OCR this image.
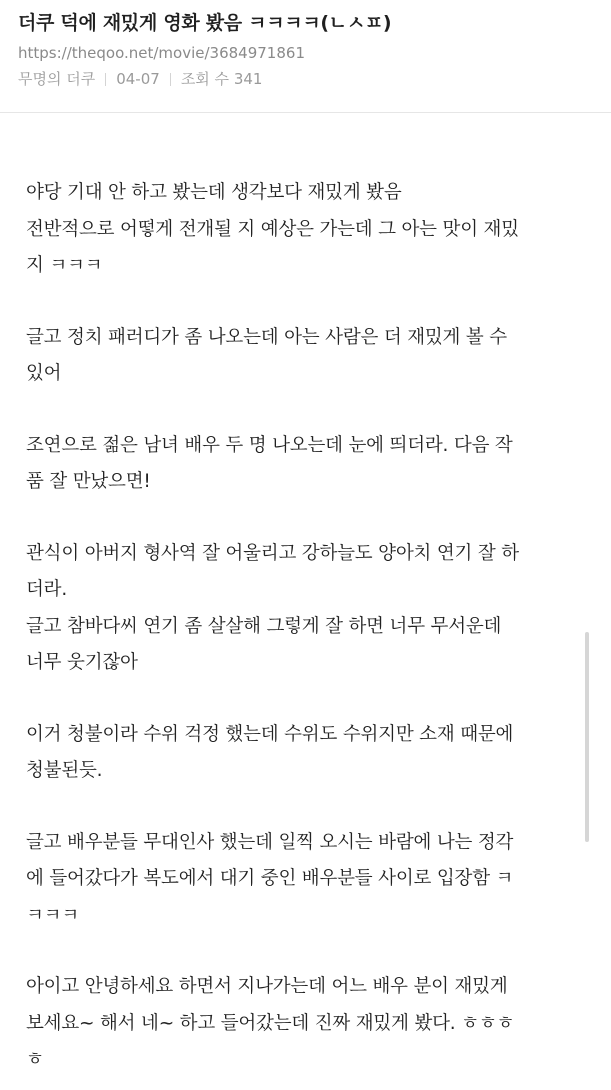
더쿠 덕에 재밌게 영화 봤음 ㅋㅋㅋㅋ(ㄴㅅㅍ)
https://theqoo.net/movie/3684971861
무명의 더쿠 04-07 조회 수
341

야당 기대 안 하고 봤는데 생각보다 재밌게 봤음
전반적으로 어떻게 전개될 지 예상은 가는데 그 아는 맛이 재밌
지 ㅋㅋㅋ

글고 정치 패러디가 좀 나오는데 아는 사람은 더 재밌게 볼 수
있어

조연으로 젊은 남녀 배우 두 명 나오는데 눈에 띄더라. 다음 작
품 잘 만났으면!

관식이 아버지 형사역 잘 어울리고 강하늘도 양아치 연기 잘 하
더라.
글고 참바다씨 연기 좀 살살해 그렇게 잘 하면 너무 무서운데
너무 웃기잖아

이거 청불이라 수위 걱정 했는데 수위도 수위지만 소재 때문에
청불된듯.

글고 배우분들 무대인사 했는데 일찍 오시는 바람에 나는 정각
에 들어갔다가 복도에서 대기 중인 배우분들 사이로 입장함 ㅋ
ㅋㅋㅋ

아이고 안녕하세요 하면서 지나가는데 어느 배우 분이 재밌게
보세요~ 해서 네~ 하고 들어갔는데 진짜 재밌게 봤다. ㅎㅎㅎ
ㅎ
